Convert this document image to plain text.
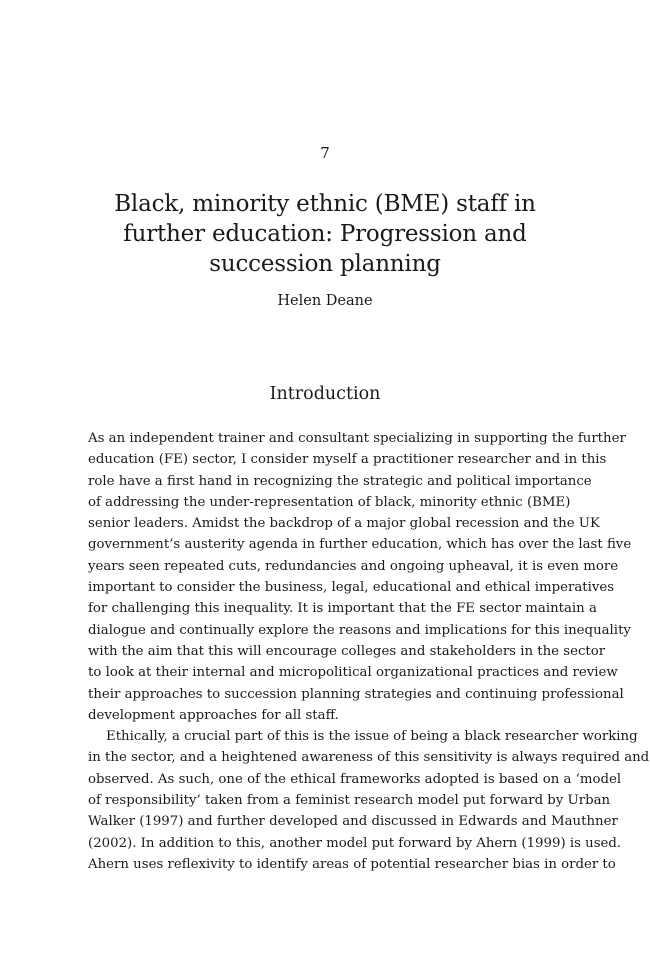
7
Black, minority ethnic (BME) staff in
further education: Progression and
succession planning
Helen Deane
Introduction
As an independent trainer and consultant specializing in supporting the further
education (FE) sector, I consider myself a practitioner researcher and in this
role have a first hand in recognizing the strategic and political importance
of addressing the under-representation of black, minority ethnic (BME)
senior leaders. Amidst the backdrop of a major global recession and the UK
government’s austerity agenda in further education, which has over the last five
years seen repeated cuts, redundancies and ongoing upheaval, it is even more
important to consider the business, legal, educational and ethical imperatives
for challenging this inequality. It is important that the FE sector maintain a
dialogue and continually explore the reasons and implications for this inequality
with the aim that this will encourage colleges and stakeholders in the sector
to look at their internal and micropolitical organizational practices and review
their approaches to succession planning strategies and continuing professional
development approaches for all staff.
Ethically, a crucial part of this is the issue of being a black researcher working
in the sector, and a heightened awareness of this sensitivity is always required and
observed. As such, one of the ethical frameworks adopted is based on a ‘model
of responsibility’ taken from a feminist research model put forward by Urban
Walker (1997) and further developed and discussed in Edwards and Mauthner
(2002). In addition to this, another model put forward by Ahern (1999) is used.
Ahern uses reflexivity to identify areas of potential researcher bias in order to
